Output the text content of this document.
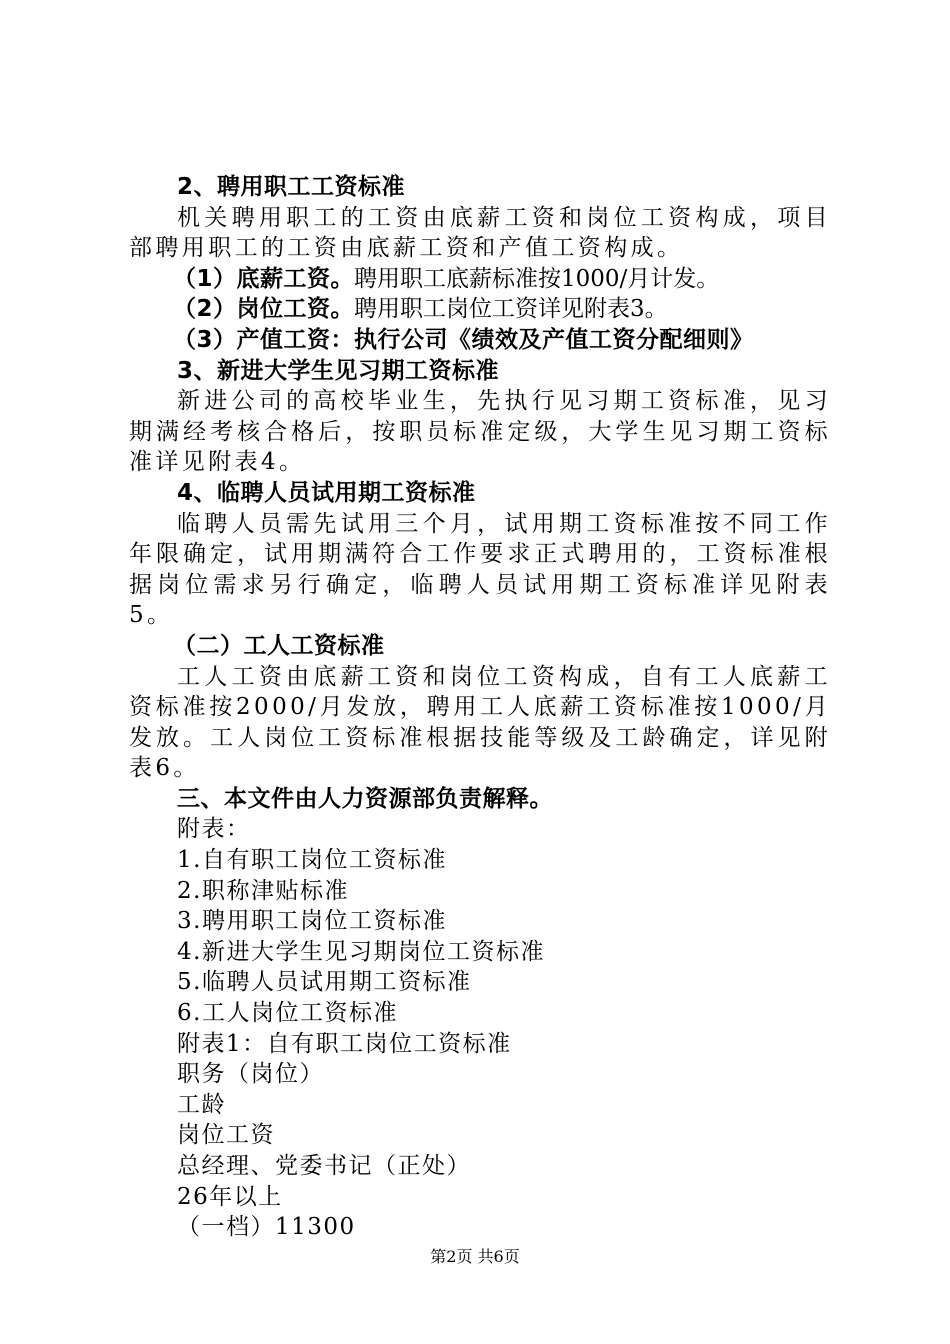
2、聘用职工工资标准

机关聘用职工的工资由底薪工资和岗位工资构成，项目部聘用职工的工资由底薪工资和产值工资构成。

（1）底薪工资。聘用职工底薪标准按1000/月计发。

（2）岗位工资。聘用职工岗位工资详见附表3。

（3）产值工资：执行公司《绩效及产值工资分配细则》

3、新进大学生见习期工资标准

新进公司的高校毕业生，先执行见习期工资标准，见习期满经考核合格后，按职员标准定级，大学生见习期工资标准详见附表4。

4、临聘人员试用期工资标准

临聘人员需先试用三个月，试用期工资标准按不同工作年限确定，试用期满符合工作要求正式聘用的，工资标准根据岗位需求另行确定，临聘人员试用期工资标准详见附表5。

（二）工人工资标准

工人工资由底薪工资和岗位工资构成，自有工人底薪工资标准按2000/月发放，聘用工人底薪工资标准按1000/月发放。工人岗位工资标准根据技能等级及工龄确定，详见附表6。

三、本文件由人力资源部负责解释。

附表：

1.自有职工岗位工资标准

2.职称津贴标准

3.聘用职工岗位工资标准

4.新进大学生见习期岗位工资标准

5.临聘人员试用期工资标准

6.工人岗位工资标准

附表1：自有职工岗位工资标准

职务（岗位）

工龄

岗位工资

总经理、党委书记（正处）

26年以上

（一档）11300

第2页 共6页
